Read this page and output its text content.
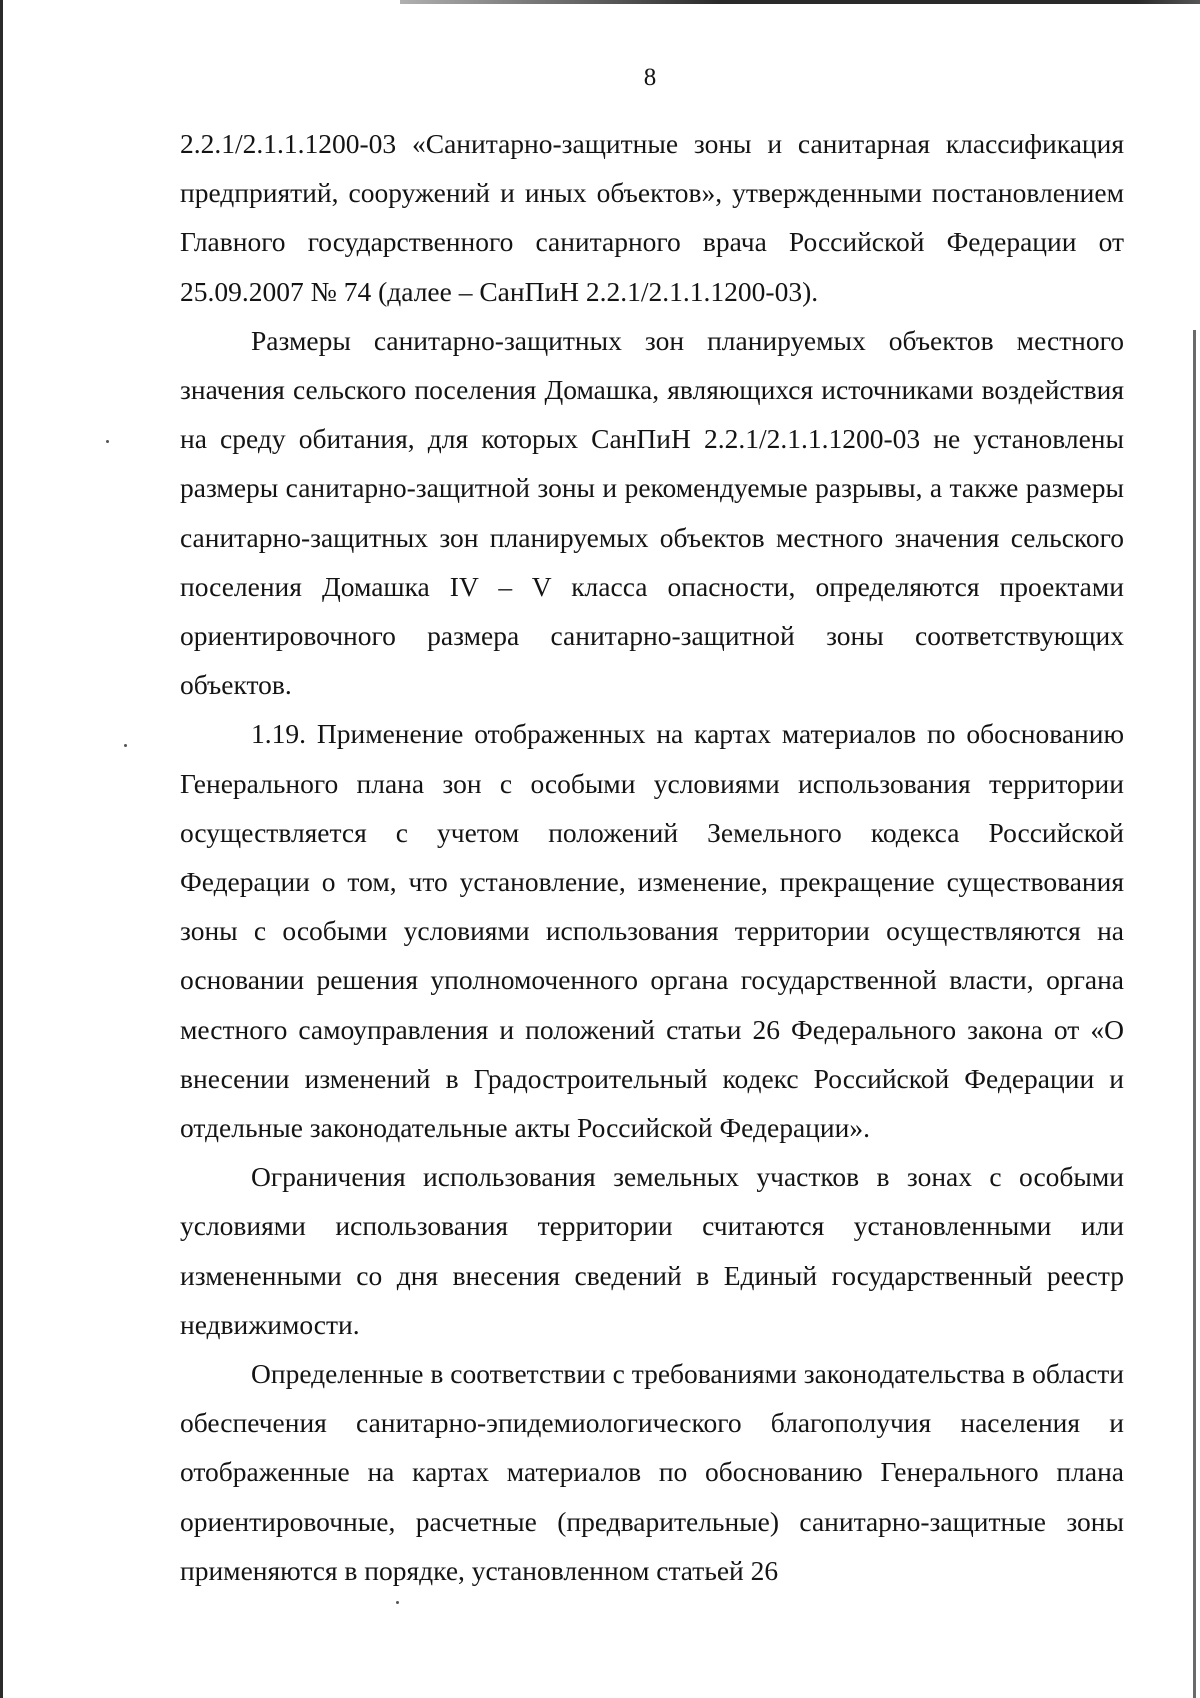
8

2.2.1/2.1.1.1200-03 «Санитарно-защитные зоны и санитарная классификация предприятий, сооружений и иных объектов», утвержденными постановлением Главного государственного санитарного врача Российской Федерации от 25.09.2007 № 74 (далее – СанПиН 2.2.1/2.1.1.1200-03).

Размеры санитарно-защитных зон планируемых объектов местного значения сельского поселения Домашка, являющихся источниками воздействия на среду обитания, для которых СанПиН 2.2.1/2.1.1.1200-03 не установлены размеры санитарно-защитной зоны и рекомендуемые разрывы, а также размеры санитарно-защитных зон планируемых объектов местного значения сельского поселения Домашка IV – V класса опасности, определяются проектами ориентировочного размера санитарно-защитной зоны соответствующих объектов.

1.19. Применение отображенных на картах материалов по обоснованию Генерального плана зон с особыми условиями использования территории осуществляется с учетом положений Земельного кодекса Российской Федерации о том, что установление, изменение, прекращение существования зоны с особыми условиями использования территории осуществляются на основании решения уполномоченного органа государственной власти, органа местного самоуправления и положений статьи 26 Федерального закона от «О внесении изменений в Градостроительный кодекс Российской Федерации и отдельные законодательные акты Российской Федерации».

Ограничения использования земельных участков в зонах с особыми условиями использования территории считаются установленными или измененными со дня внесения сведений в Единый государственный реестр недвижимости.

Определенные в соответствии с требованиями законодательства в области обеспечения санитарно-эпидемиологического благополучия населения и отображенные на картах материалов по обоснованию Генерального плана ориентировочные, расчетные (предварительные) санитарно-защитные зоны применяются в порядке, установленном статьей 26
